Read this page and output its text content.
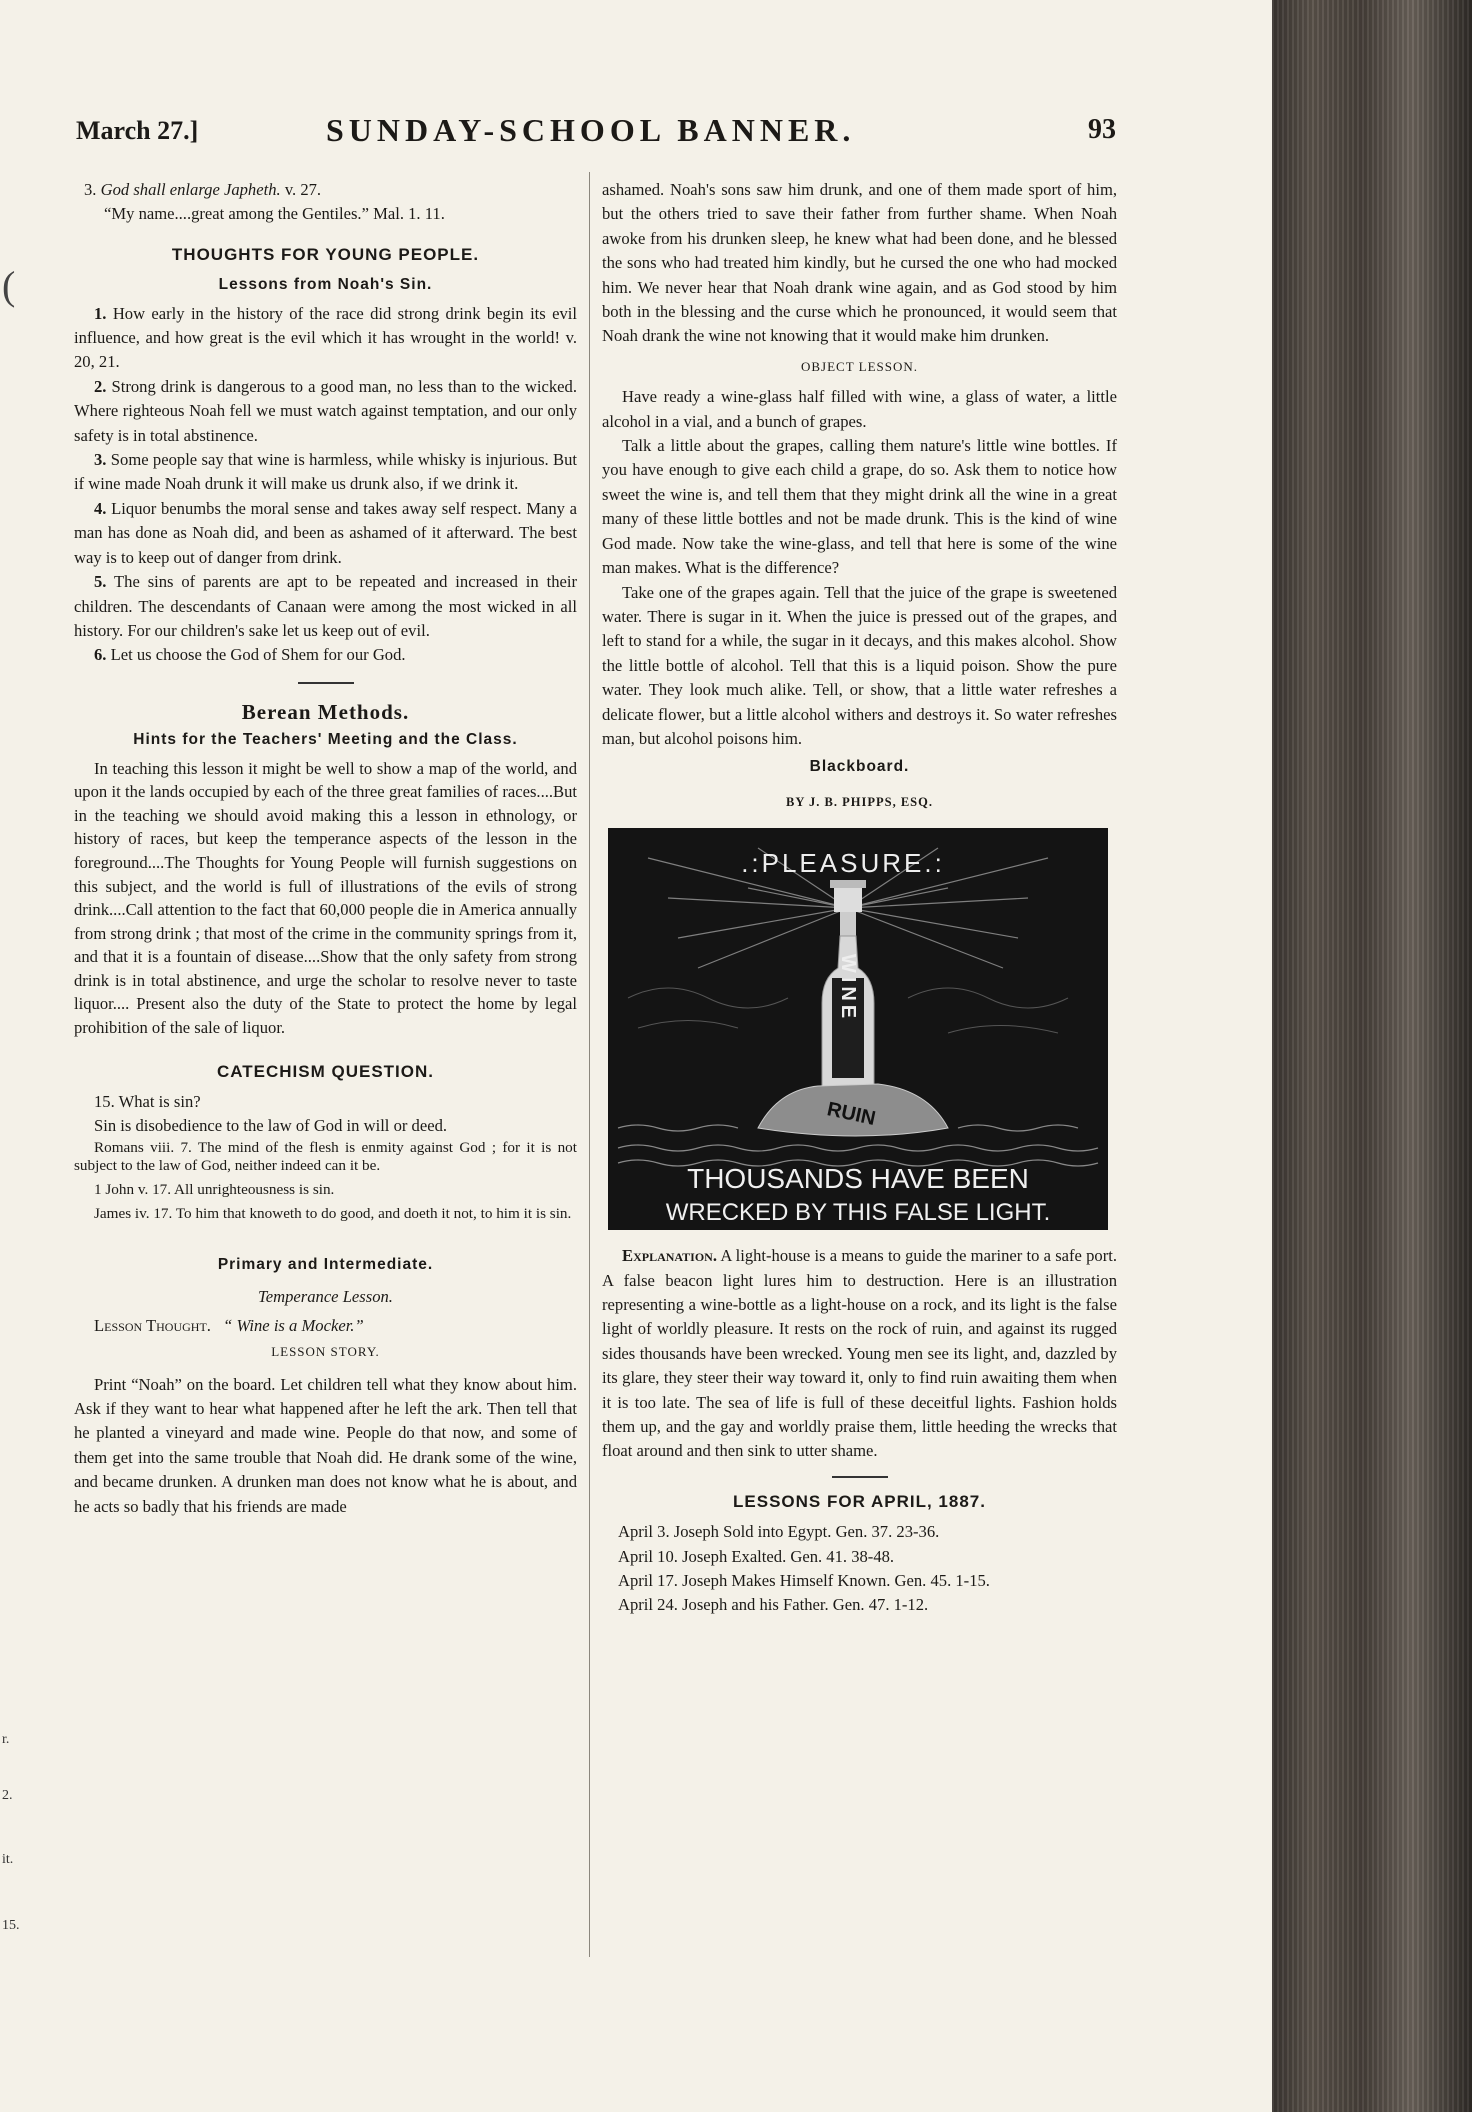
(
r.
2.
it.
15.
March 27.]	SUNDAY-SCHOOL BANNER.	93

3. God shall enlarge Japheth. v. 27.

“My name....great among the Gentiles.” Mal. 1. 11.

THOUGHTS FOR YOUNG PEOPLE.
Lessons from Noah's Sin.

1. How early in the history of the race did strong drink begin its evil influence, and how great is the evil which it has wrought in the world! v. 20, 21.

2. Strong drink is dangerous to a good man, no less than to the wicked. Where righteous Noah fell we must watch against temptation, and our only safety is in total abstinence.

3. Some people say that wine is harmless, while whisky is injurious. But if wine made Noah drunk it will make us drunk also, if we drink it.

4. Liquor benumbs the moral sense and takes away self respect. Many a man has done as Noah did, and been as ashamed of it afterward. The best way is to keep out of danger from drink.

5. The sins of parents are apt to be repeated and increased in their children. The descendants of Canaan were among the most wicked in all history. For our children's sake let us keep out of evil.

6. Let us choose the God of Shem for our God.

Berean Methods.
Hints for the Teachers' Meeting and the Class.

In teaching this lesson it might be well to show a map of the world, and upon it the lands occupied by each of the three great families of races....But in the teaching we should avoid making this a lesson in ethnology, or history of races, but keep the temperance aspects of the lesson in the foreground....The Thoughts for Young People will furnish suggestions on this subject, and the world is full of illustrations of the evils of strong drink....Call attention to the fact that 60,000 people die in America annually from strong drink ; that most of the crime in the community springs from it, and that it is a fountain of disease....Show that the only safety from strong drink is in total abstinence, and urge the scholar to resolve never to taste liquor.... Present also the duty of the State to protect the home by legal prohibition of the sale of liquor.

CATECHISM QUESTION.

15. What is sin?

Sin is disobedience to the law of God in will or deed.

Romans viii. 7. The mind of the flesh is enmity against God ; for it is not subject to the law of God, neither indeed can it be.

1 John v. 17. All unrighteousness is sin.

James iv. 17. To him that knoweth to do good, and doeth it not, to him it is sin.

Primary and Intermediate.
Temperance Lesson.

Lesson Thought. “ Wine is a Mocker.”

LESSON STORY.

Print “Noah” on the board. Let children tell what they know about him. Ask if they want to hear what happened after he left the ark. Then tell that he planted a vineyard and made wine. People do that now, and some of them get into the same trouble that Noah did. He drank some of the wine, and became drunken. A drunken man does not know what he is about, and he acts so badly that his friends are made

ashamed. Noah's sons saw him drunk, and one of them made sport of him, but the others tried to save their father from further shame. When Noah awoke from his drunken sleep, he knew what had been done, and he blessed the sons who had treated him kindly, but he cursed the one who had mocked him. We never hear that Noah drank wine again, and as God stood by him both in the blessing and the curse which he pronounced, it would seem that Noah drank the wine not knowing that it would make him drunken.

OBJECT LESSON.

Have ready a wine-glass half filled with wine, a glass of water, a little alcohol in a vial, and a bunch of grapes.

Talk a little about the grapes, calling them nature's little wine bottles. If you have enough to give each child a grape, do so. Ask them to notice how sweet the wine is, and tell them that they might drink all the wine in a great many of these little bottles and not be made drunk. This is the kind of wine God made. Now take the wine-glass, and tell that here is some of the wine man makes. What is the difference?

Take one of the grapes again. Tell that the juice of the grape is sweetened water. There is sugar in it. When the juice is pressed out of the grapes, and left to stand for a while, the sugar in it decays, and this makes alcohol. Show the little bottle of alcohol. Tell that this is a liquid poison. Show the pure water. They look much alike. Tell, or show, that a little water refreshes a delicate flower, but a little alcohol withers and destroys it. So water refreshes man, but alcohol poisons him.

Blackboard.
BY J. B. PHIPPS, ESQ.
.:PLEASURE.:
WINE
RUIN
THOUSANDS HAVE BEEN
WRECKED BY THIS FALSE LIGHT.

Explanation. A light-house is a means to guide the mariner to a safe port. A false beacon light lures him to destruction. Here is an illustration representing a wine-bottle as a light-house on a rock, and its light is the false light of worldly pleasure. It rests on the rock of ruin, and against its rugged sides thousands have been wrecked. Young men see its light, and, dazzled by its glare, they steer their way toward it, only to find ruin awaiting them when it is too late. The sea of life is full of these deceitful lights. Fashion holds them up, and the gay and worldly praise them, little heeding the wrecks that float around and then sink to utter shame.

LESSONS FOR APRIL, 1887.

April 3. Joseph Sold into Egypt. Gen. 37. 23-36.

April 10. Joseph Exalted. Gen. 41. 38-48.

April 17. Joseph Makes Himself Known. Gen. 45. 1-15.

April 24. Joseph and his Father. Gen. 47. 1-12.
